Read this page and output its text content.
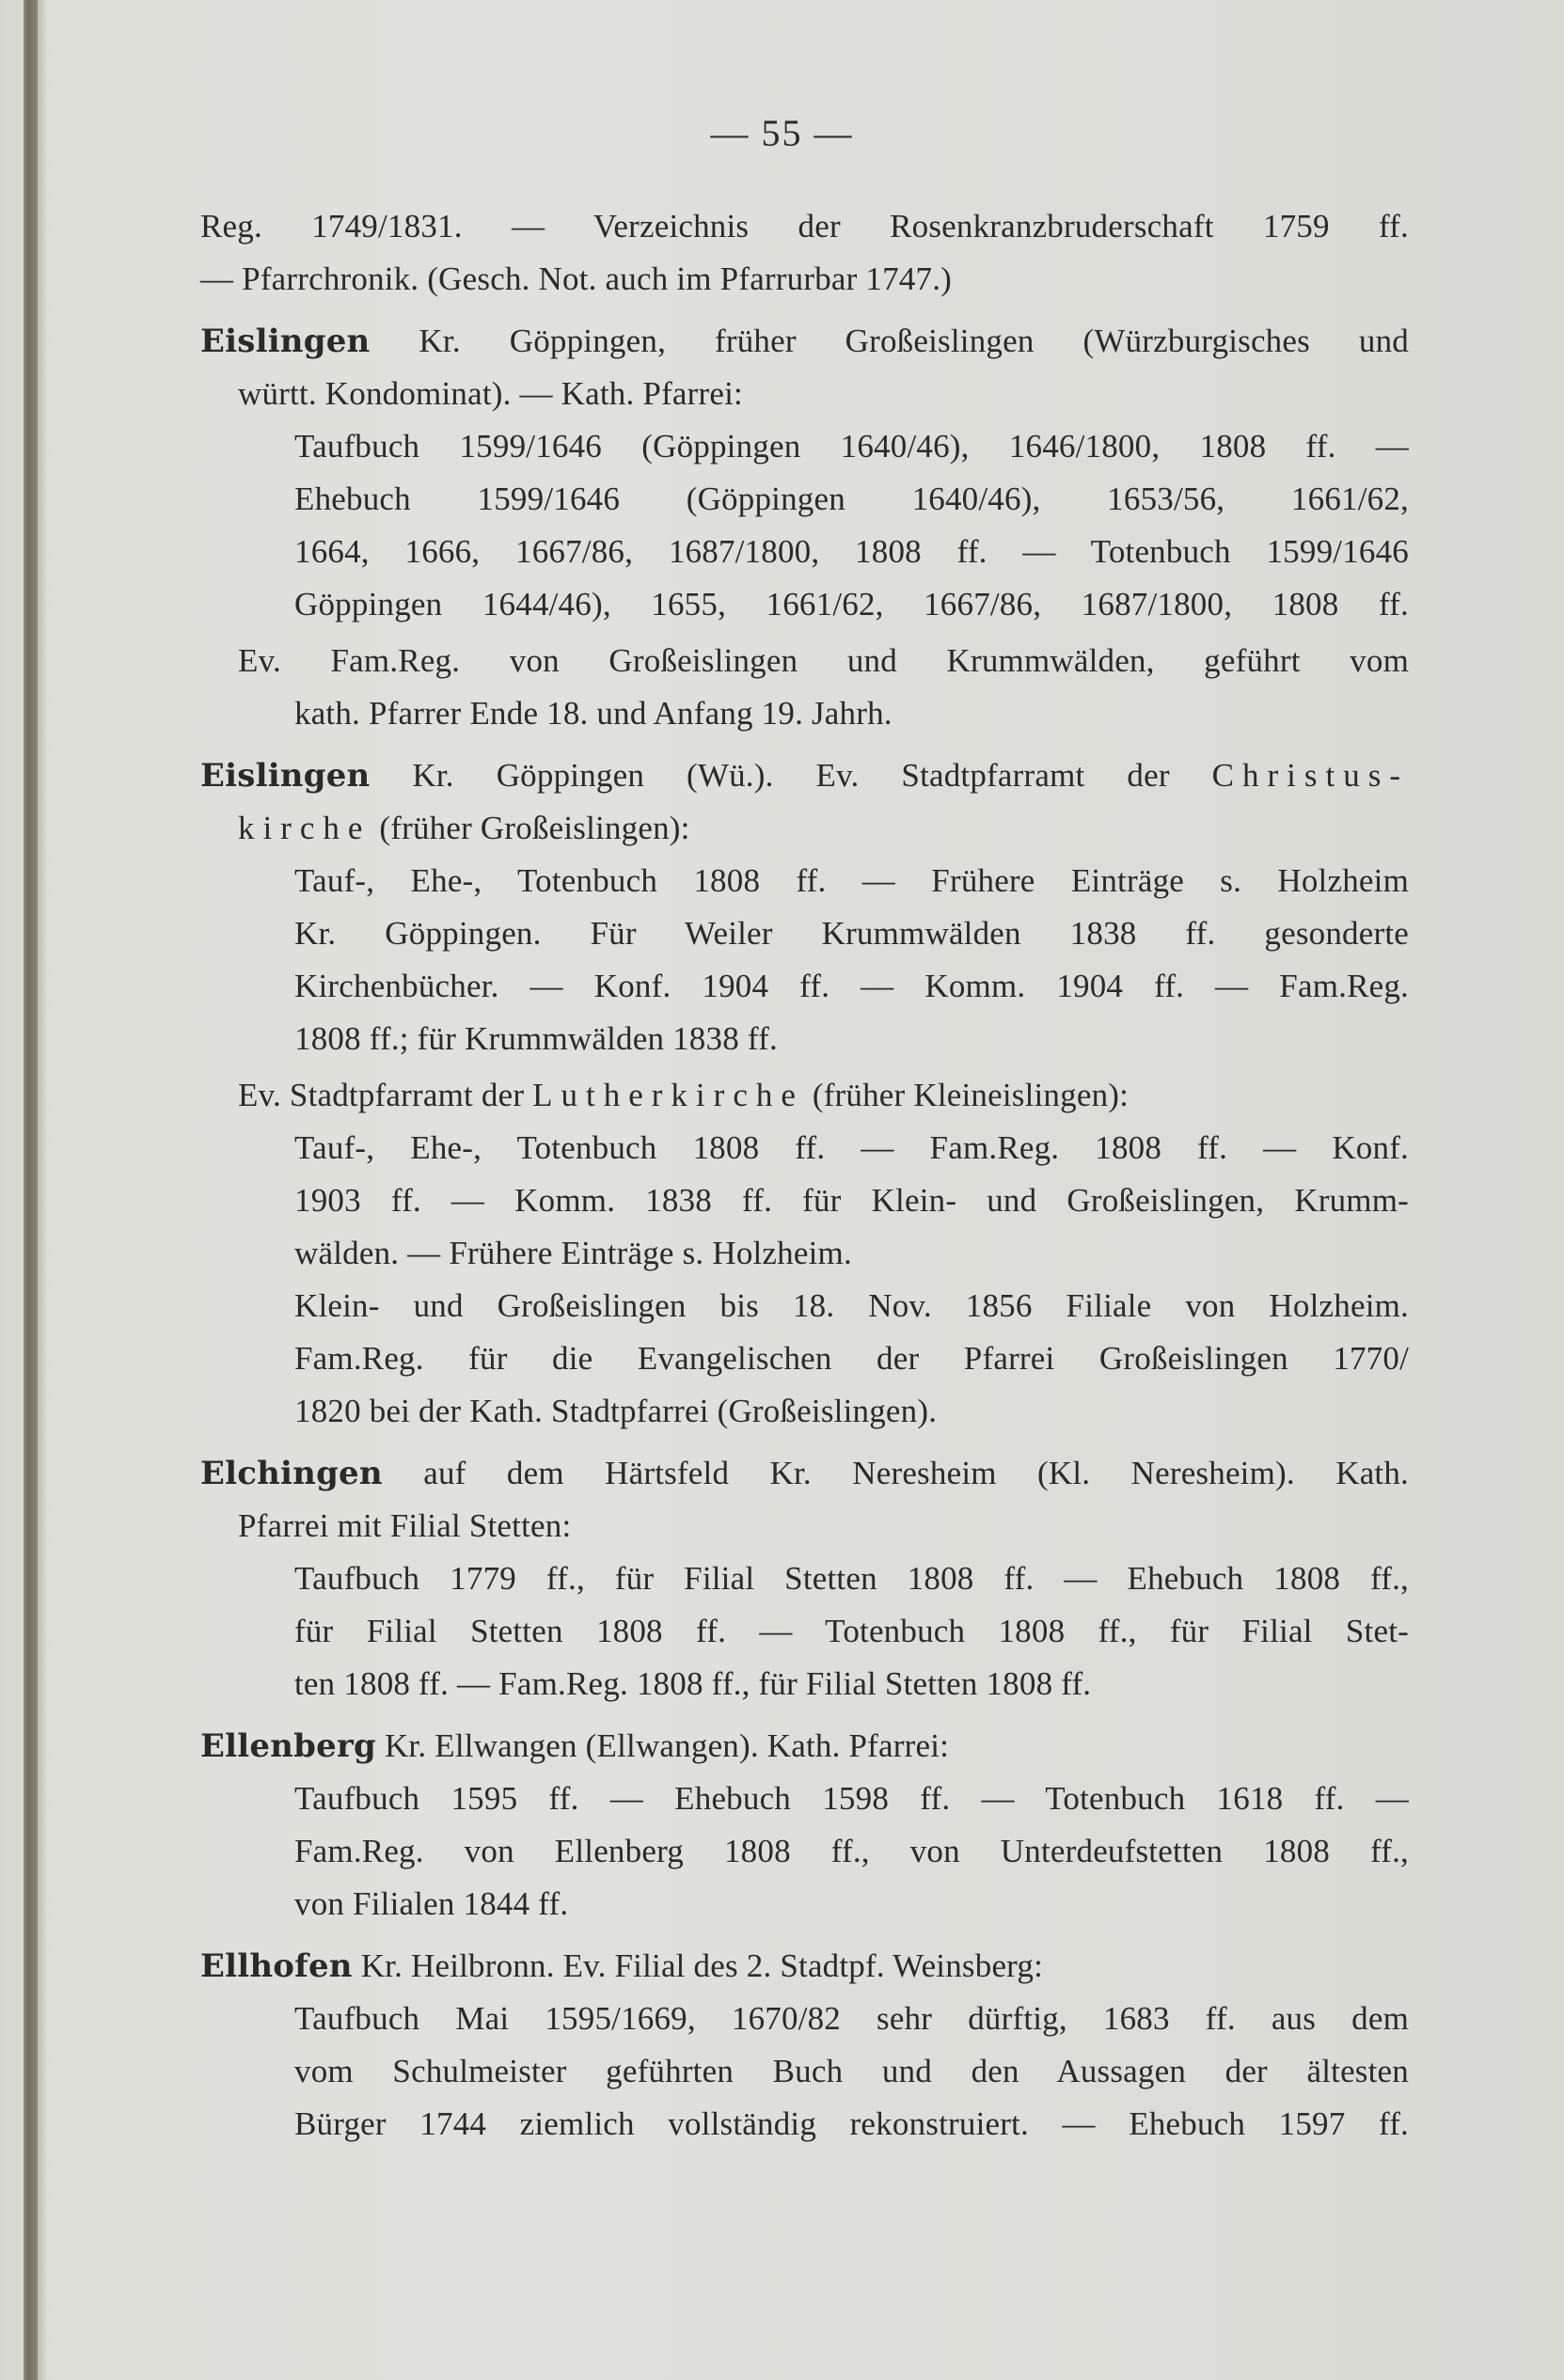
— 55 —
Reg. 1749/1831. — Verzeichnis der Rosenkranzbruderschaft 1759 ff.
— Pfarrchronik. (Gesch. Not. auch im Pfarrurbar 1747.)
Eislingen Kr. Göppingen, früher Großeislingen (Würzburgisches und
württ. Kondominat). — Kath. Pfarrei:
Taufbuch 1599/1646 (Göppingen 1640/46), 1646/1800, 1808 ff. —
Ehebuch 1599/1646 (Göppingen 1640/46), 1653/56, 1661/62,
1664, 1666, 1667/86, 1687/1800, 1808 ff. — Totenbuch 1599/1646
Göppingen 1644/46), 1655, 1661/62, 1667/86, 1687/1800, 1808 ff.
Ev. Fam.Reg. von Großeislingen und Krummwälden, geführt vom
kath. Pfarrer Ende 18. und Anfang 19. Jahrh.
Eislingen Kr. Göppingen (Wü.). Ev. Stadtpfarramt der Christus-
kirche (früher Großeislingen):
Tauf-, Ehe-, Totenbuch 1808 ff. — Frühere Einträge s. Holzheim
Kr. Göppingen. Für Weiler Krummwälden 1838 ff. gesonderte
Kirchenbücher. — Konf. 1904 ff. — Komm. 1904 ff. — Fam.Reg.
1808 ff.; für Krummwälden 1838 ff.
Ev. Stadtpfarramt der Lutherkirche (früher Kleineislingen):
Tauf-, Ehe-, Totenbuch 1808 ff. — Fam.Reg. 1808 ff. — Konf.
1903 ff. — Komm. 1838 ff. für Klein- und Großeislingen, Krumm-
wälden. — Frühere Einträge s. Holzheim.
Klein- und Großeislingen bis 18. Nov. 1856 Filiale von Holzheim.
Fam.Reg. für die Evangelischen der Pfarrei Großeislingen 1770/
1820 bei der Kath. Stadtpfarrei (Großeislingen).
Elchingen auf dem Härtsfeld Kr. Neresheim (Kl. Neresheim). Kath.
Pfarrei mit Filial Stetten:
Taufbuch 1779 ff., für Filial Stetten 1808 ff. — Ehebuch 1808 ff.,
für Filial Stetten 1808 ff. — Totenbuch 1808 ff., für Filial Stet-
ten 1808 ff. — Fam.Reg. 1808 ff., für Filial Stetten 1808 ff.
Ellenberg Kr. Ellwangen (Ellwangen). Kath. Pfarrei:
Taufbuch 1595 ff. — Ehebuch 1598 ff. — Totenbuch 1618 ff. —
Fam.Reg. von Ellenberg 1808 ff., von Unterdeufstetten 1808 ff.,
von Filialen 1844 ff.
Ellhofen Kr. Heilbronn. Ev. Filial des 2. Stadtpf. Weinsberg:
Taufbuch Mai 1595/1669, 1670/82 sehr dürftig, 1683 ff. aus dem
vom Schulmeister geführten Buch und den Aussagen der ältesten
Bürger 1744 ziemlich vollständig rekonstruiert. — Ehebuch 1597 ff.
